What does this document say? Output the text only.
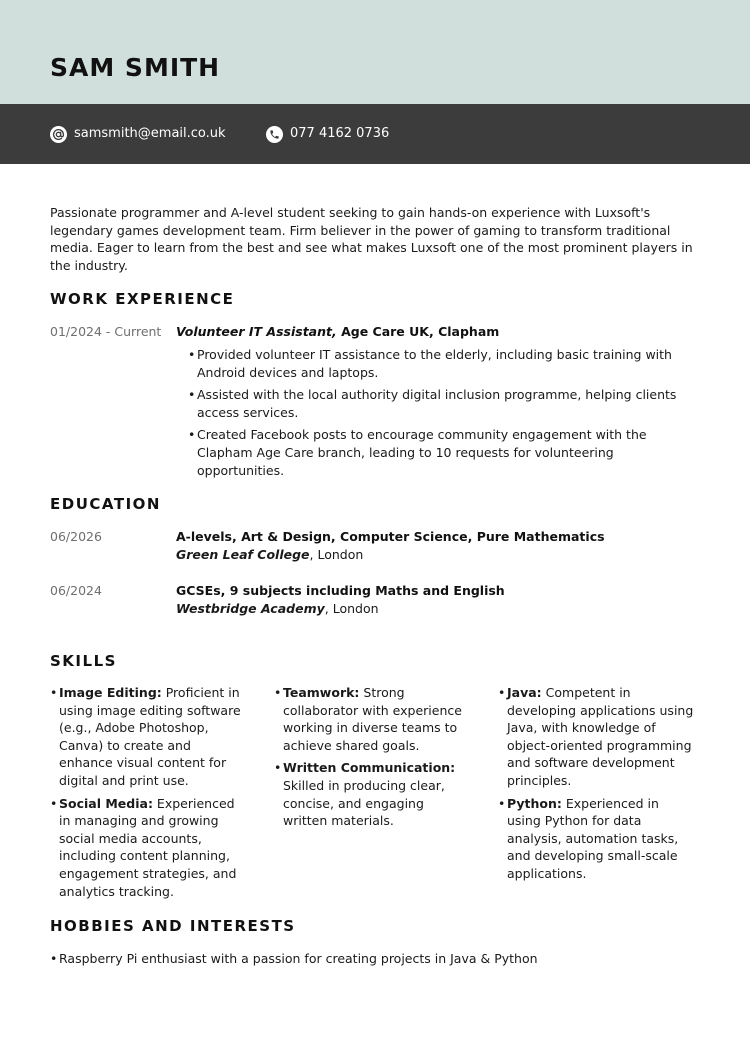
SAM SMITH
samsmith@email.co.uk	077 4162 0736

Passionate programmer and A-level student seeking to gain hands-on experience with Luxsoft's legendary games development team. Firm believer in the power of gaming to transform traditional media. Eager to learn from the best and see what makes Luxsoft one of the most prominent players in the industry.

WORK EXPERIENCE
01/2024 - Current Volunteer IT Assistant, Age Care UK, Clapham
• Provided volunteer IT assistance to the elderly, including basic training with Android devices and laptops.
• Assisted with the local authority digital inclusion programme, helping clients access services.
• Created Facebook posts to encourage community engagement with the Clapham Age Care branch, leading to 10 requests for volunteering opportunities.
EDUCATION
06/2026	A-levels, Art & Design, Computer Science, Pure Mathematics
Green Leaf College, London
06/2024	GCSEs, 9 subjects including Maths and English
Westbridge Academy, London
SKILLS
• Image Editing: Proficient in using image editing software (e.g., Adobe Photoshop, Canva) to create and enhance visual content for digital and print use.
• Social Media: Experienced in managing and growing social media accounts, including content planning, engagement strategies, and analytics tracking.
• Teamwork: Strong collaborator with experience working in diverse teams to achieve shared goals.
• Written Communication: Skilled in producing clear, concise, and engaging written materials.
• Java: Competent in developing applications using Java, with knowledge of object-oriented programming and software development principles.
• Python: Experienced in using Python for data analysis, automation tasks, and developing small-scale applications.
HOBBIES AND INTERESTS
• Raspberry Pi enthusiast with a passion for creating projects in Java & Python
